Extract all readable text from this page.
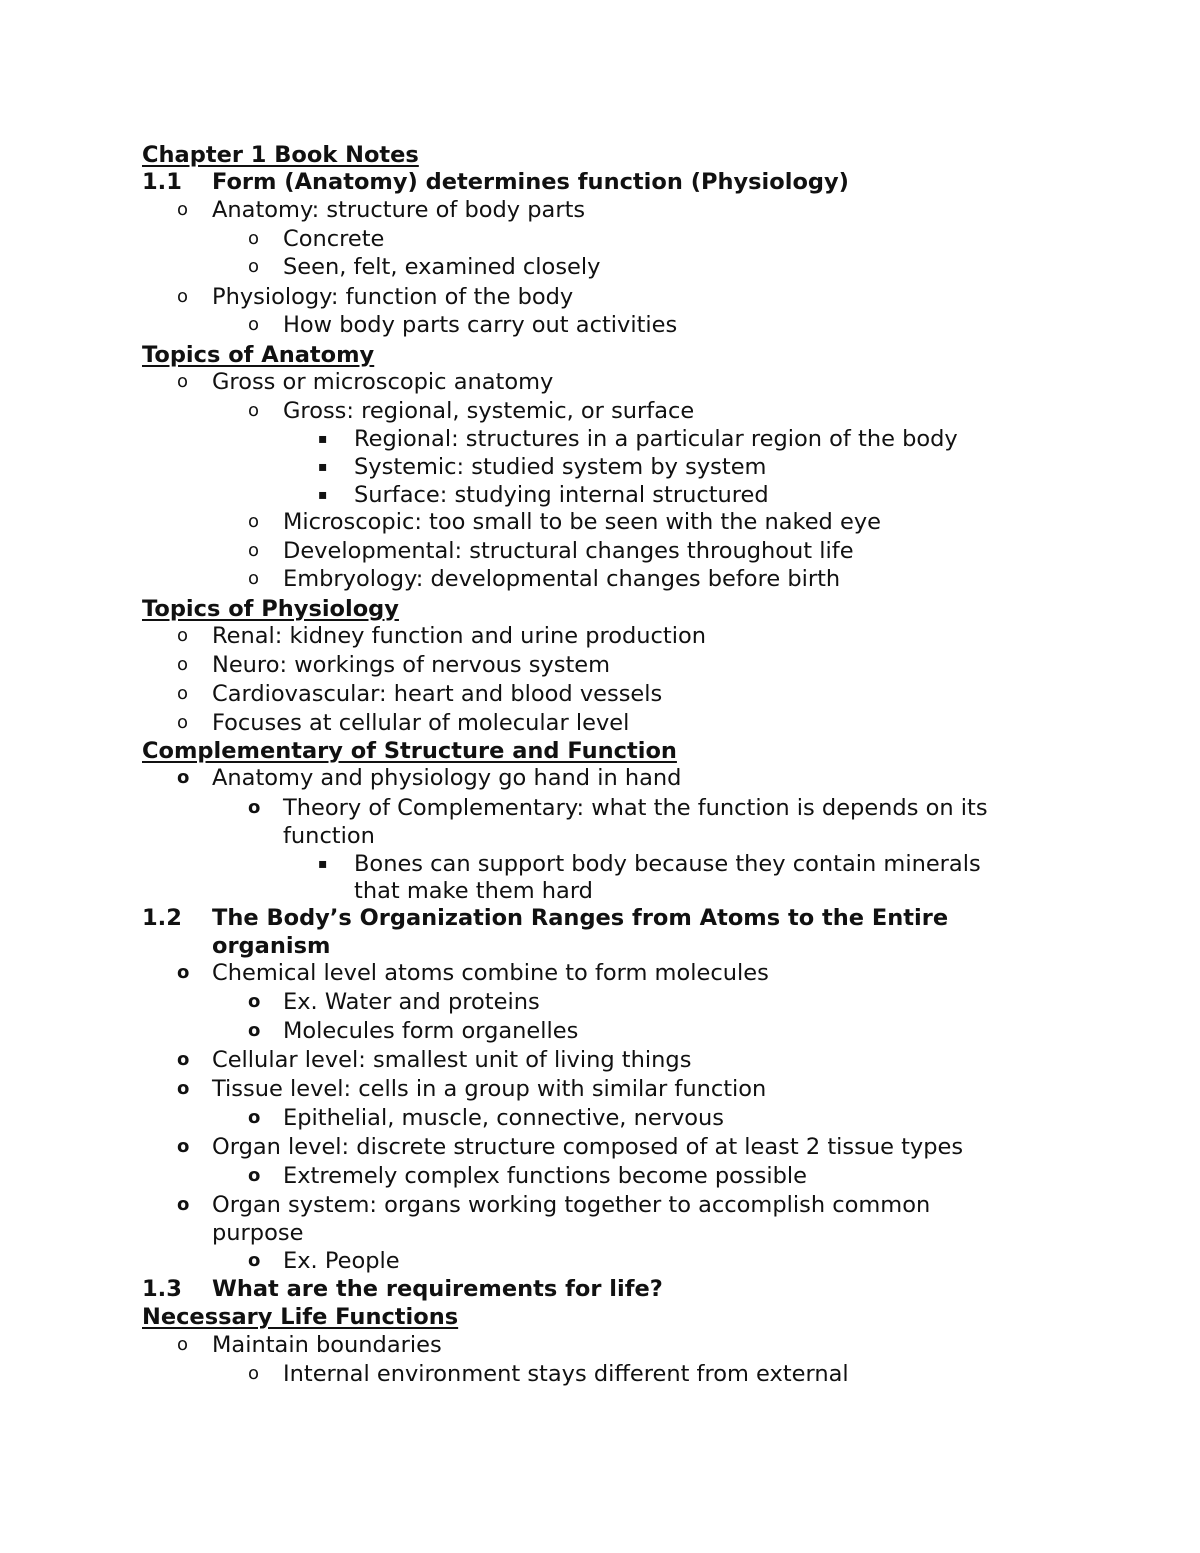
Chapter 1 Book Notes
1.1 Form (Anatomy) determines function (Physiology)
o Anatomy: structure of body parts
o Concrete
o Seen, felt, examined closely
o Physiology: function of the body
o How body parts carry out activities
Topics of Anatomy
o Gross or microscopic anatomy
o Gross: regional, systemic, or surface
▪ Regional: structures in a particular region of the body
▪ Systemic: studied system by system
▪ Surface: studying internal structured
o Microscopic: too small to be seen with the naked eye
o Developmental: structural changes throughout life
o Embryology: developmental changes before birth
Topics of Physiology
o Renal: kidney function and urine production
o Neuro: workings of nervous system
o Cardiovascular: heart and blood vessels
o Focuses at cellular of molecular level
Complementary of Structure and Function
o Anatomy and physiology go hand in hand
o Theory of Complementary: what the function is depends on its
function
▪ Bones can support body because they contain minerals
that make them hard
1.2 The Body’s Organization Ranges from Atoms to the Entire
organism
o Chemical level atoms combine to form molecules
o Ex. Water and proteins
o Molecules form organelles
o Cellular level: smallest unit of living things
o Tissue level: cells in a group with similar function
o Epithelial, muscle, connective, nervous
o Organ level: discrete structure composed of at least 2 tissue types
o Extremely complex functions become possible
o Organ system: organs working together to accomplish common
purpose
o Ex. People
1.3 What are the requirements for life?
Necessary Life Functions
o Maintain boundaries
o Internal environment stays different from external
